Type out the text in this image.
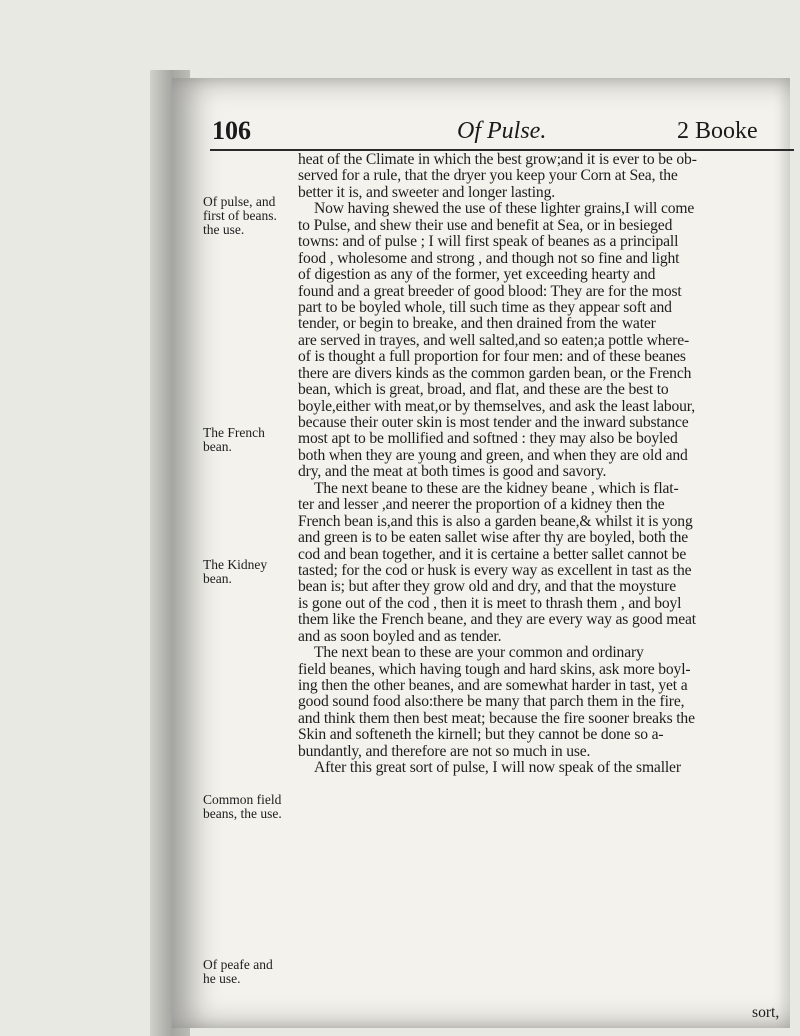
106	Of Pulse.	2 Booke
Of pulse, and
first of beans.
the use.
The French
bean.
The Kidney
bean.
Common field
beans, the use.
Of peafe and
he use.
heat of the Climate in which the best grow;and it is ever to be ob-
served for a rule, that the dryer you keep your Corn at Sea, the
better it is, and sweeter and longer lasting.
Now having shewed the use of these lighter grains,I will come
to Pulse, and shew their use and benefit at Sea, or in besieged
towns: and of pulse ; I will first speak of beanes as a principall
food , wholesome and strong , and though not so fine and light
of digestion as any of the former, yet exceeding hearty and
found and a great breeder of good blood: They are for the most
part to be boyled whole, till such time as they appear soft and
tender, or begin to breake, and then drained from the water
are served in trayes, and well salted,and so eaten;a pottle where-
of is thought a full proportion for four men: and of these beanes
there are divers kinds as the common garden bean, or the French
bean, which is great, broad, and flat, and these are the best to
boyle,either with meat,or by themselves, and ask the least labour,
because their outer skin is most tender and the inward substance
most apt to be mollified and softned : they may also be boyled
both when they are young and green, and when they are old and
dry, and the meat at both times is good and savory.
The next beane to these are the kidney beane , which is flat-
ter and lesser ,and neerer the proportion of a kidney then the
French bean is,and this is also a garden beane,& whilst it is yong
and green is to be eaten sallet wise after thy are boyled, both the
cod and bean together, and it is certaine a better sallet cannot be
tasted; for the cod or husk is every way as excellent in tast as the
bean is; but after they grow old and dry, and that the moysture
is gone out of the cod , then it is meet to thrash them , and boyl
them like the French beane, and they are every way as good meat
and as soon boyled and as tender.
The next bean to these are your common and ordinary
field beanes, which having tough and hard skins, ask more boyl-
ing then the other beanes, and are somewhat harder in tast, yet a
good sound food also:there be many that parch them in the fire,
and think them then best meat; because the fire sooner breaks the
Skin and softeneth the kirnell; but they cannot be done so a-
bundantly, and therefore are not so much in use.
After this great sort of pulse, I will now speak of the smaller
sort,
